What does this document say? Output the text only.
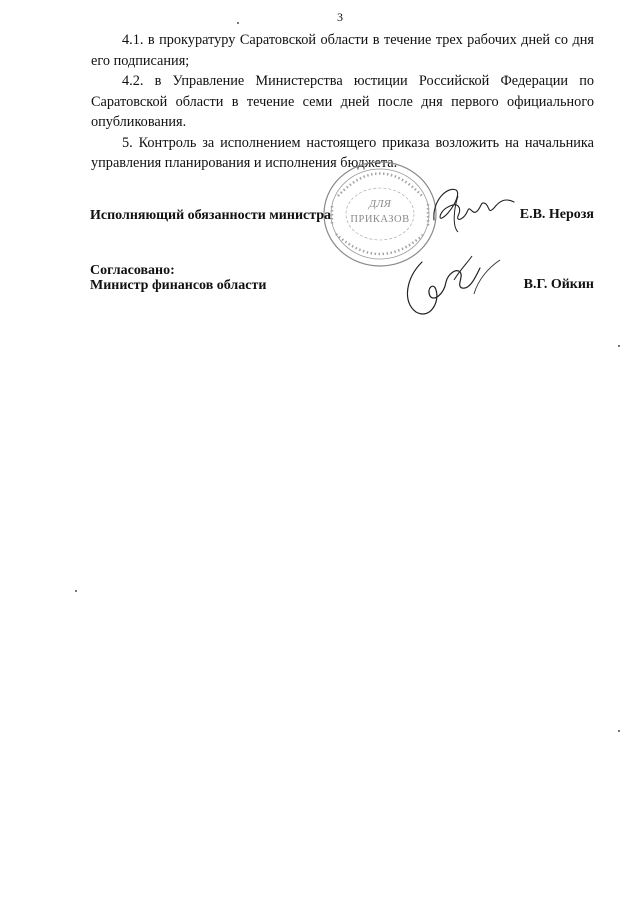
3

4.1. в прокуратуру Саратовской области в течение трех рабочих дней со дня его подписания;

4.2. в Управление Министерства юстиции Российской Федерации по Саратовской области в течение семи дней после дня первого официального опубликования.

5. Контроль за исполнением настоящего приказа возложить на начальника управления планирования и исполнения бюджета.

ДЛЯ
ПРИКАЗОВ
Исполняющий обязанности министра	Е.В. Нерозя
Согласовано:
Министр финансов области	В.Г. Ойкин
